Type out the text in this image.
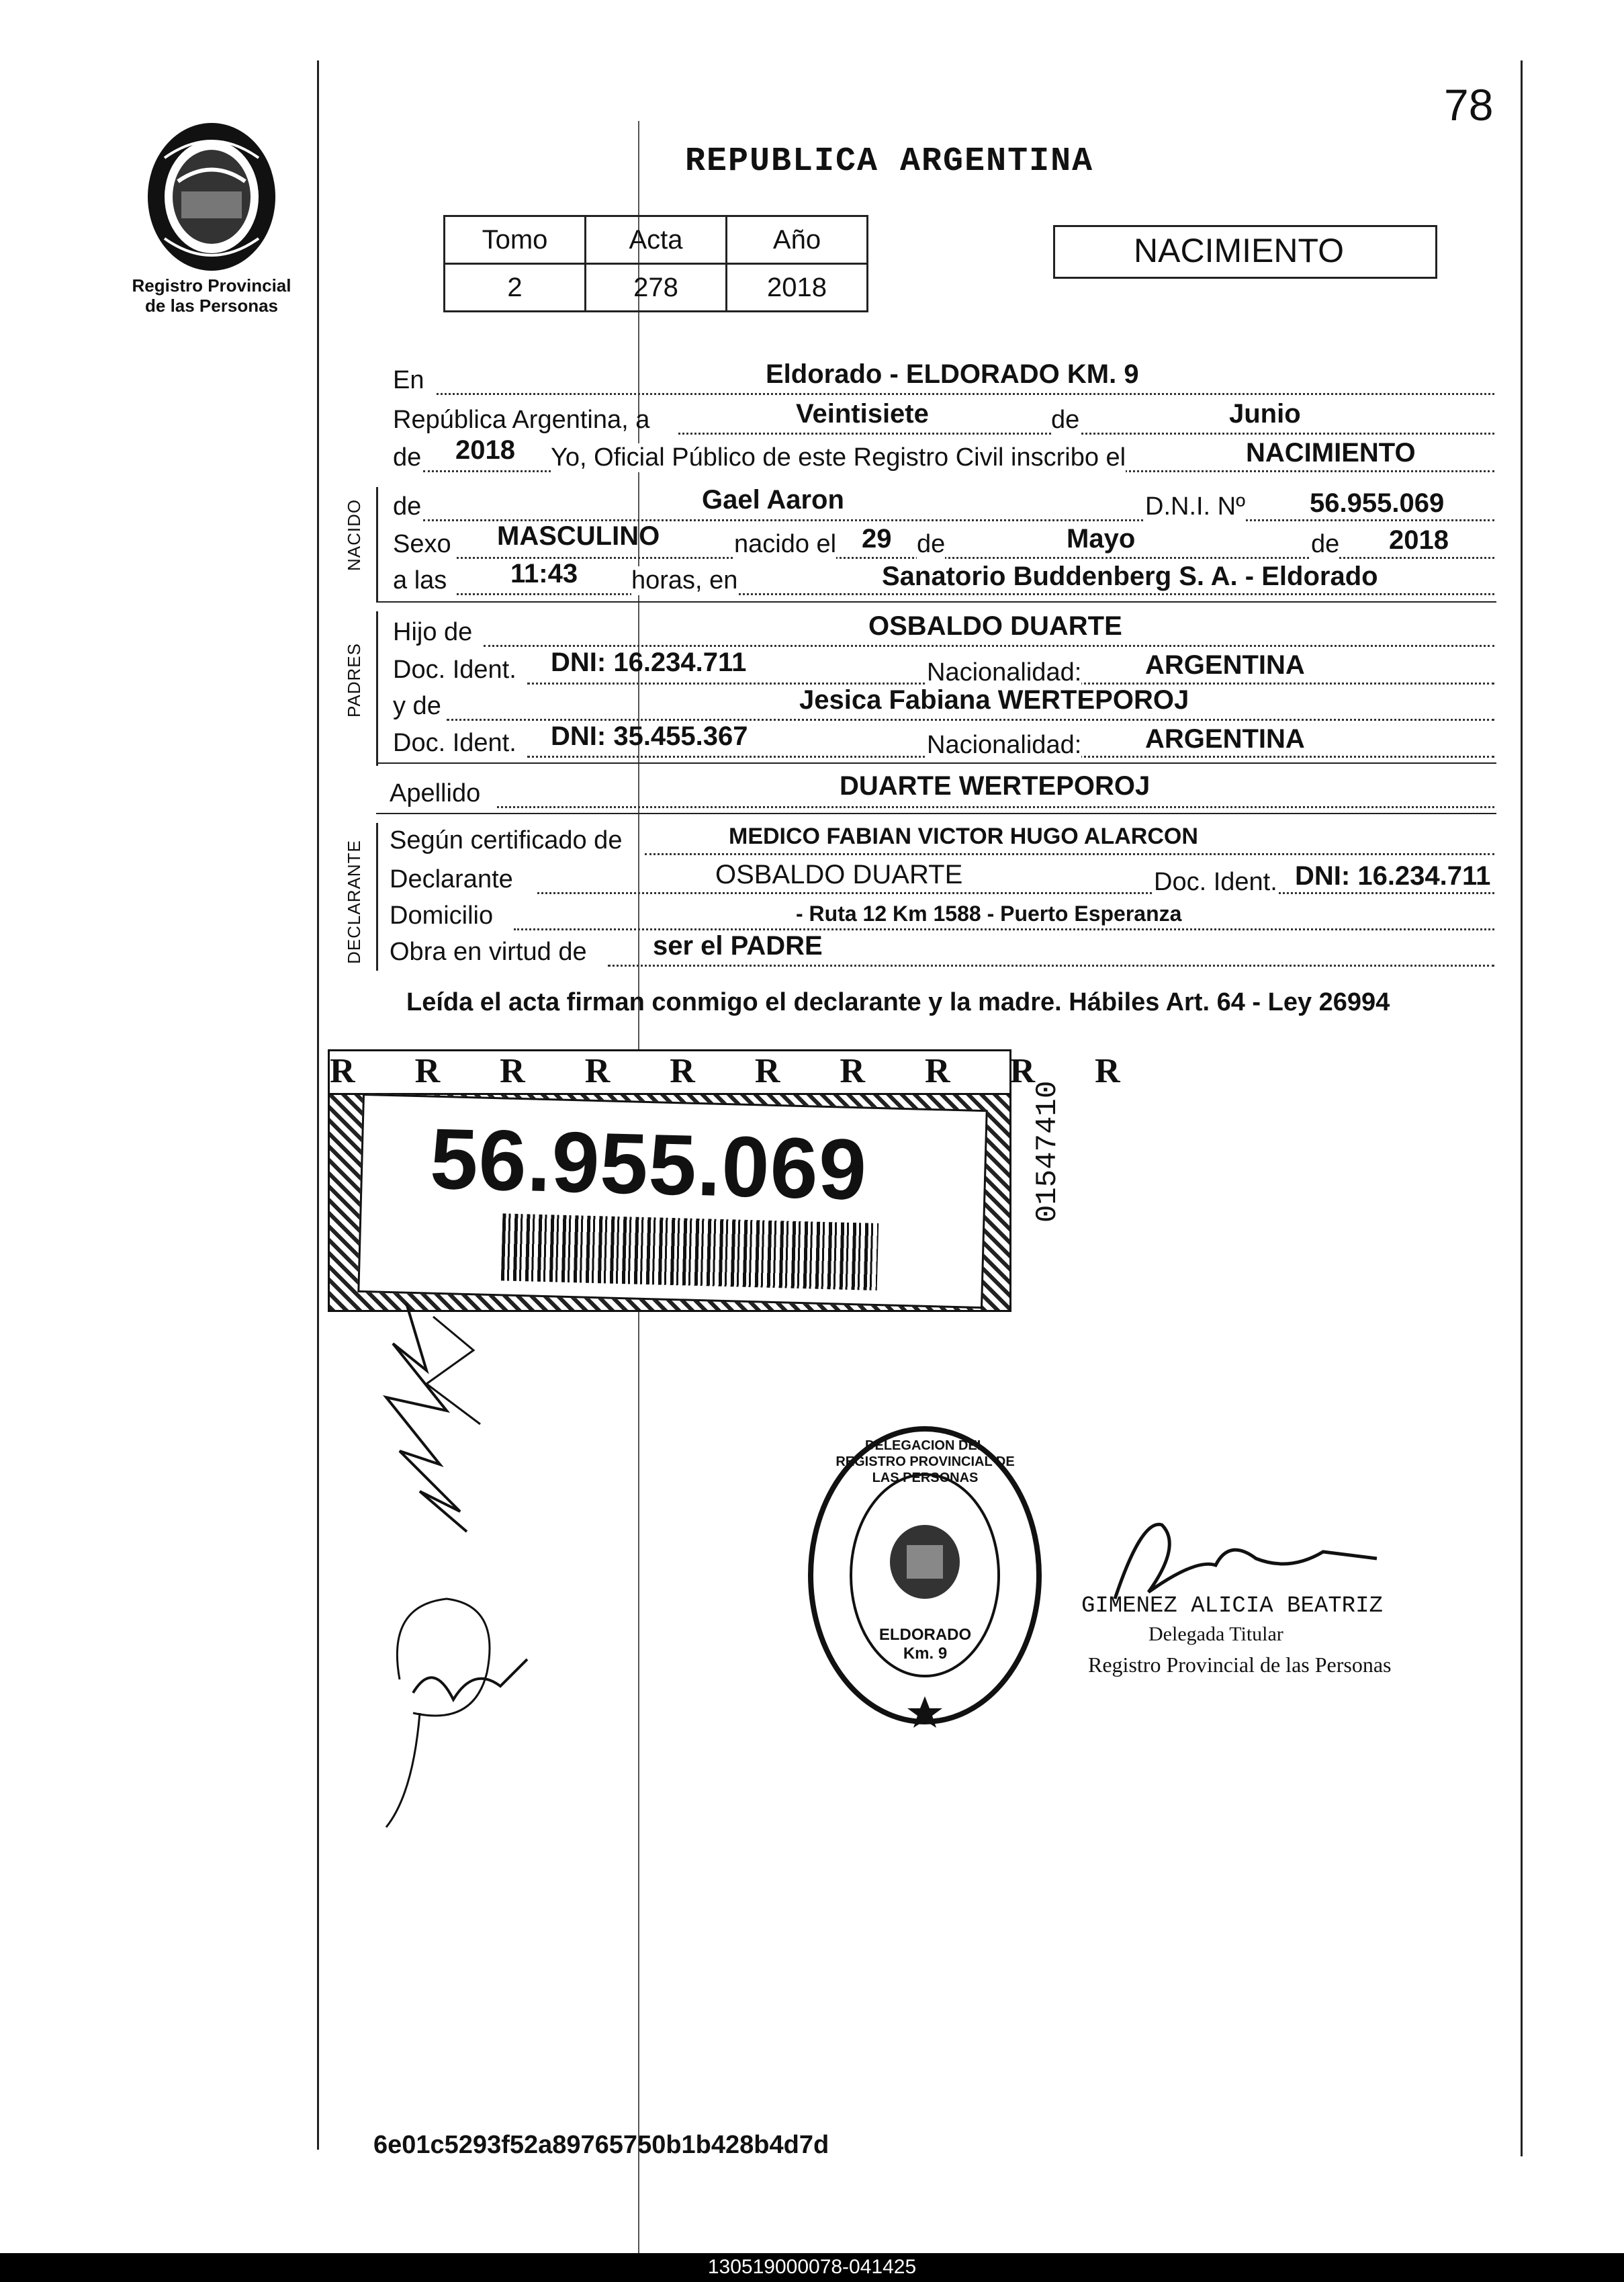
78
Registro Provincial
de las Personas
REPUBLICA ARGENTINA
Tomo	Acta	Año
2	278	2018
NACIMIENTO
En	Eldorado - ELDORADO KM. 9
República Argentina, a	Veintisiete	de	Junio
de 2018 Yo, Oficial Público de este Registro Civil inscribo el	NACIMIENTO
NACIDO de	Gael Aaron	D.N.I. Nº 56.955.069
Sexo MASCULINO	nacido el 29 de	Mayo	de 2018
a las 11:43 horas, en	Sanatorio Buddenberg S. A. - Eldorado
PADRES
Hijo de	OSBALDO DUARTE
Doc. Ident. DNI: 16.234.711	Nacionalidad: ARGENTINA
y de	Jesica Fabiana WERTEPOROJ
Doc. Ident. DNI: 35.455.367	Nacionalidad: ARGENTINA
Apellido	DUARTE WERTEPOROJ
DECLARANTE Según certificado de	MEDICO FABIAN VICTOR HUGO ALARCON
Declarante	OSBALDO DUARTE	Doc. Ident. DNI: 16.234.711
Domicilio	- Ruta 12 Km 1588 - Puerto Esperanza
Obra en virtud de ser el PADRE
Leída el acta firman conmigo el declarante y la madre. Hábiles Art. 64 - Ley 26994
R R R R R R R R R R
56.955.069	01547410
DELEGACION DEL REGISTRO PROVINCIAL DE LAS PERSONAS
ELDORADO Km. 9
GIMENEZ ALICIA BEATRIZ
Delegada Titular
Registro Provincial de las Personas
6e01c5293f52a89765750b1b428b4d7d
130519000078-041425
